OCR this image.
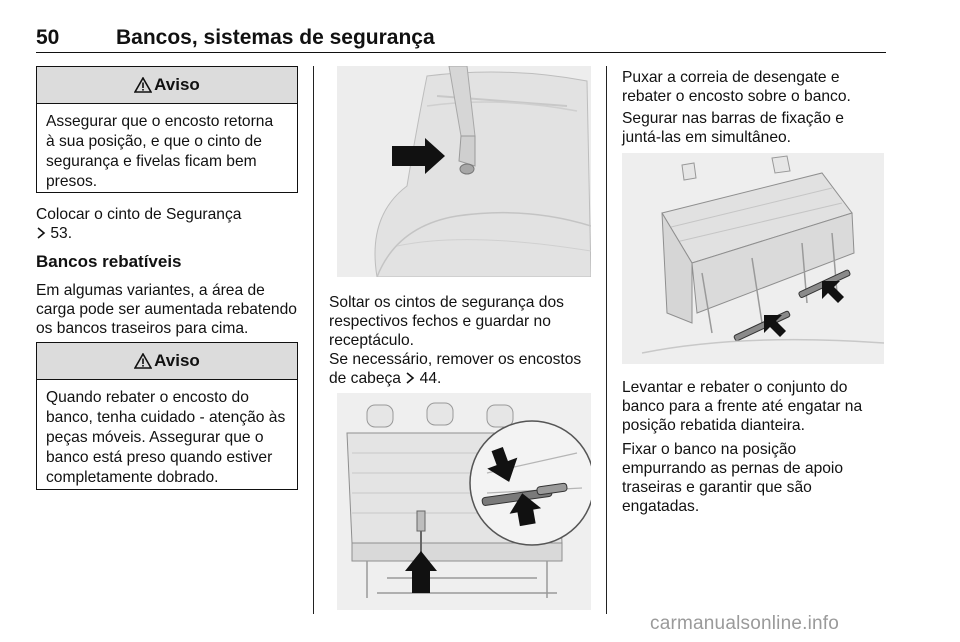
50	Bancos, sistemas de segurança
Aviso
Assegurar que o encosto retorna
à sua posição, e que o cinto de
segurança e fivelas ficam bem
presos.
Colocar o cinto de Segurança
53.
Bancos rebatíveis
Em algumas variantes, a área de
carga pode ser aumentada rebatendo
os bancos traseiros para cima.
Aviso
Quando rebater o encosto do
banco, tenha cuidado - atenção às
peças móveis. Assegurar que o
banco está preso quando estiver
completamente dobrado.
Soltar os cintos de segurança dos
respectivos fechos e guardar no
receptáculo.
Se necessário, remover os encostos
de cabeça 44.
Puxar a correia de desengate e
rebater o encosto sobre o banco.
Segurar nas barras de fixação e
juntá-las em simultâneo.
Levantar e rebater o conjunto do
banco para a frente até engatar na
posição rebatida dianteira.
Fixar o banco na posição
empurrando as pernas de apoio
traseiras e garantir que são
engatadas.
carmanualsonline.info
